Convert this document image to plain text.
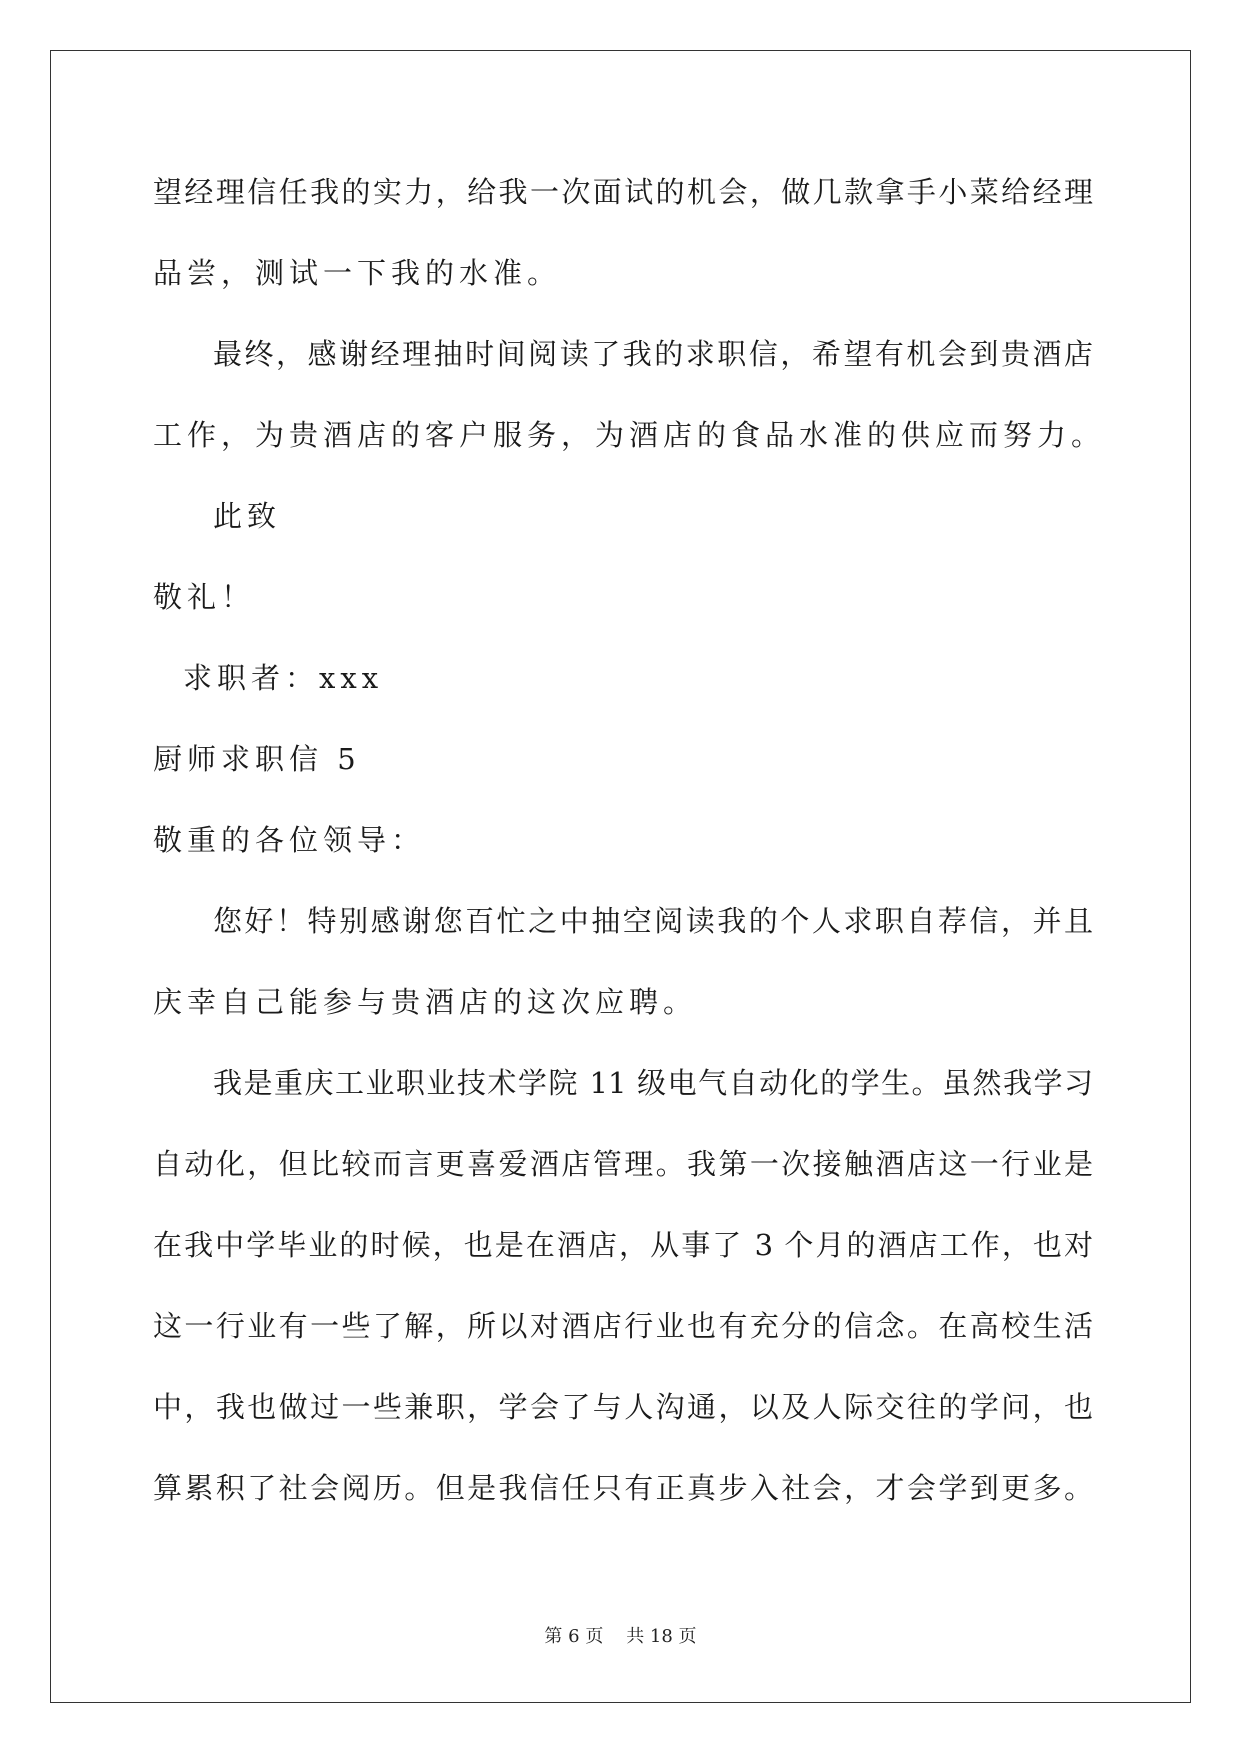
望经理信任我的实力，给我一次面试的机会，做几款拿手小菜给经理
品尝，测试一下我的水准。
最终，感谢经理抽时间阅读了我的求职信，希望有机会到贵酒店
工作，为贵酒店的客户服务，为酒店的食品水准的供应而努力。
此致
敬礼！
求职者：xxx
厨师求职信 5
敬重的各位领导：
您好！特别感谢您百忙之中抽空阅读我的个人求职自荐信，并且
庆幸自己能参与贵酒店的这次应聘。
我是重庆工业职业技术学院 11 级电气自动化的学生。虽然我学习
自动化，但比较而言更喜爱酒店管理。我第一次接触酒店这一行业是
在我中学毕业的时候，也是在酒店，从事了 3 个月的酒店工作，也对
这一行业有一些了解，所以对酒店行业也有充分的信念。在高校生活
中，我也做过一些兼职，学会了与人沟通，以及人际交往的学问，也
算累积了社会阅历。但是我信任只有正真步入社会，才会学到更多。
第 6 页    共 18 页
